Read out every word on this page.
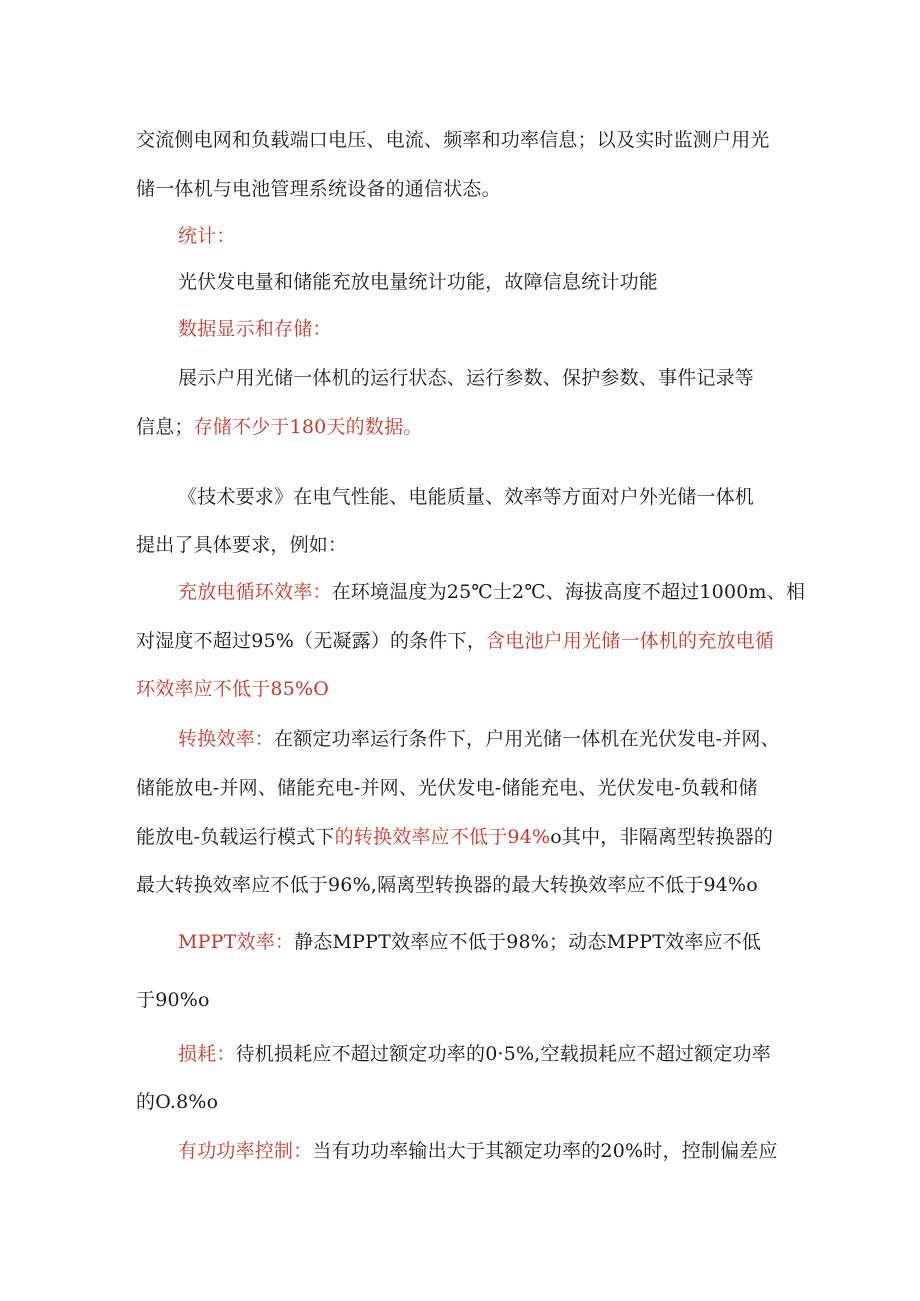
交流侧电网和负载端口电压、电流、频率和功率信息；以及实时监测户用光
储一体机与电池管理系统设备的通信状态。
统计：
光伏发电量和储能充放电量统计功能，故障信息统计功能
数据显示和存储：
展示户用光储一体机的运行状态、运行参数、保护参数、事件记录等
信息；存储不少于180天的数据。
《技术要求》在电气性能、电能质量、效率等方面对户外光储一体机
提出了具体要求，例如：
充放电循环效率：在环境温度为25℃士2℃、海拔高度不超过1000m、相
对湿度不超过95%（无凝露）的条件下，含电池户用光储一体机的充放电循
环效率应不低于85%O
转换效率：在额定功率运行条件下，户用光储一体机在光伏发电-并网、
储能放电-并网、储能充电-并网、光伏发电-储能充电、光伏发电-负载和储
能放电-负载运行模式下的转换效率应不低于94%o其中，非隔离型转换器的
最大转换效率应不低于96%,隔离型转换器的最大转换效率应不低于94%o
MPPT效率：静态MPPT效率应不低于98%；动态MPPT效率应不低
于90%o
损耗：待机损耗应不超过额定功率的0·5%,空载损耗应不超过额定功率
的O.8%o
有功功率控制：当有功功率输出大于其额定功率的20%时，控制偏差应
